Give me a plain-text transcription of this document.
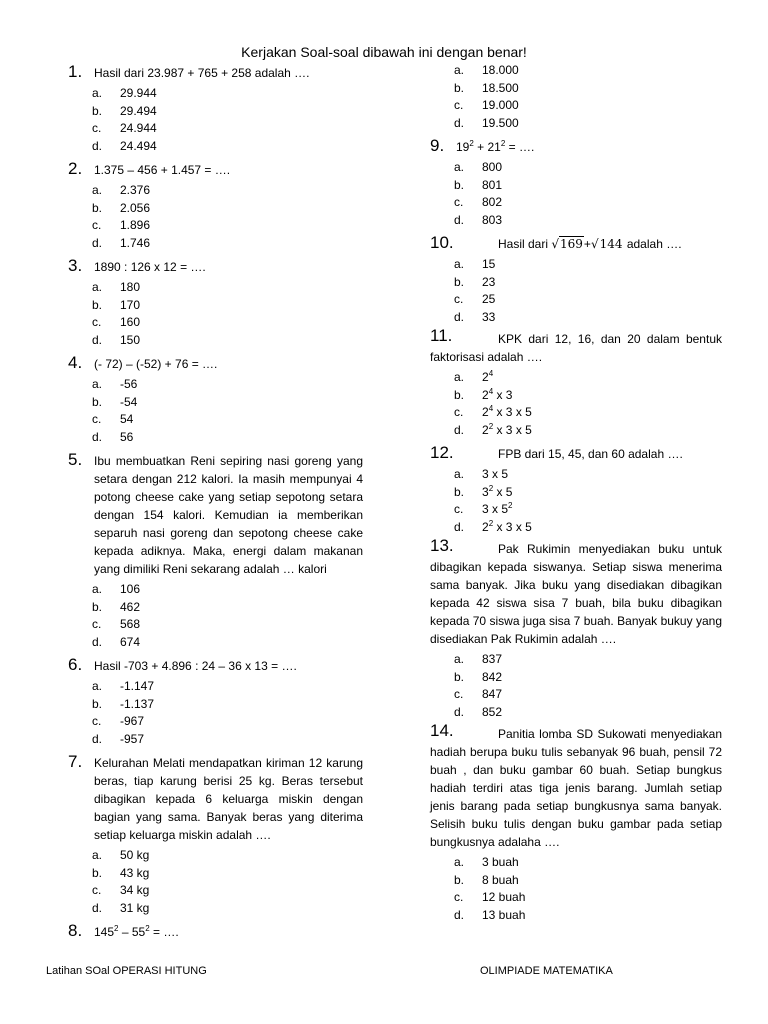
Kerjakan Soal-soal dibawah ini dengan benar!
1. Hasil dari 23.987 + 765 + 258 adalah ….
a.	29.944
b.	29.494
c.	24.944
d.	24.494
2. 1.375 – 456 + 1.457 = ….
a.	2.376
b.	2.056
c.	1.896
d.	1.746
3. 1890 : 126 x 12 = ….
a.	180
b.	170
c.	160
d.	150
4. (- 72) – (-52) + 76 = ….
a.	-56
b.	-54
c.	54
d.	56
5. Ibu membuatkan Reni sepiring nasi goreng yang setara dengan 212 kalori. Ia masih mempunyai 4 potong cheese cake yang setiap sepotong setara dengan 154 kalori. Kemudian ia memberikan separuh nasi goreng dan sepotong cheese cake kepada adiknya. Maka, energi dalam makanan yang dimiliki Reni sekarang adalah … kalori
a.	106
b.	462
c.	568
d.	674
6. Hasil -703 + 4.896 : 24 – 36 x 13 = ….
a.	-1.147
b.	-1.137
c.	-967
d.	-957
7. Kelurahan Melati mendapatkan kiriman 12 karung beras, tiap karung berisi 25 kg. Beras tersebut dibagikan kepada 6 keluarga miskin dengan bagian yang sama. Banyak beras yang diterima setiap keluarga miskin adalah ….
a.	50 kg
b.	43 kg
c.	34 kg
d.	31 kg
8. $145^2 - 55^2$ = ….
a.	18.000
b.	18.500
c.	19.000
d.	19.500
9. $19^2 + 21^2$ = ….
a.	800
b.	801
c.	802
d.	803
10.	Hasil dari √169+√144 adalah ….
a.	15
b.	23
c.	25
d.	33
11.	KPK dari 12, 16, dan 20 dalam bentuk faktorisasi adalah ….
a.	$2^4$
b.	$2^4$ x 3
c.	$2^4$ x 3 x 5
d.	$2^2$ x 3 x 5
12.	FPB dari 15, 45, dan 60 adalah ….
a.	3 x 5
b.	$3^2$ x 5
c.	3 x $5^2$
d.	$2^2$ x 3 x 5
13.	Pak Rukimin menyediakan buku untuk dibagikan kepada siswanya. Setiap siswa menerima sama banyak. Jika buku yang disediakan dibagikan kepada 42 siswa sisa 7 buah, bila buku dibagikan kepada 70 siswa juga sisa 7 buah. Banyak bukuy yang disediakan Pak Rukimin adalah ….
a.	837
b.	842
c.	847
d.	852
14.	Panitia lomba SD Sukowati menyediakan hadiah berupa buku tulis sebanyak 96 buah, pensil 72 buah , dan buku gambar 60 buah. Setiap bungkus hadiah terdiri atas tiga jenis barang. Jumlah setiap jenis barang pada setiap bungkusnya sama banyak. Selisih buku tulis dengan buku gambar pada setiap bungkusnya adalaha ….
a.	3 buah
b.	8 buah
c.	12 buah
d.	13 buah
Latihan SOal OPERASI HITUNG	OLIMPIADE MATEMATIKA
